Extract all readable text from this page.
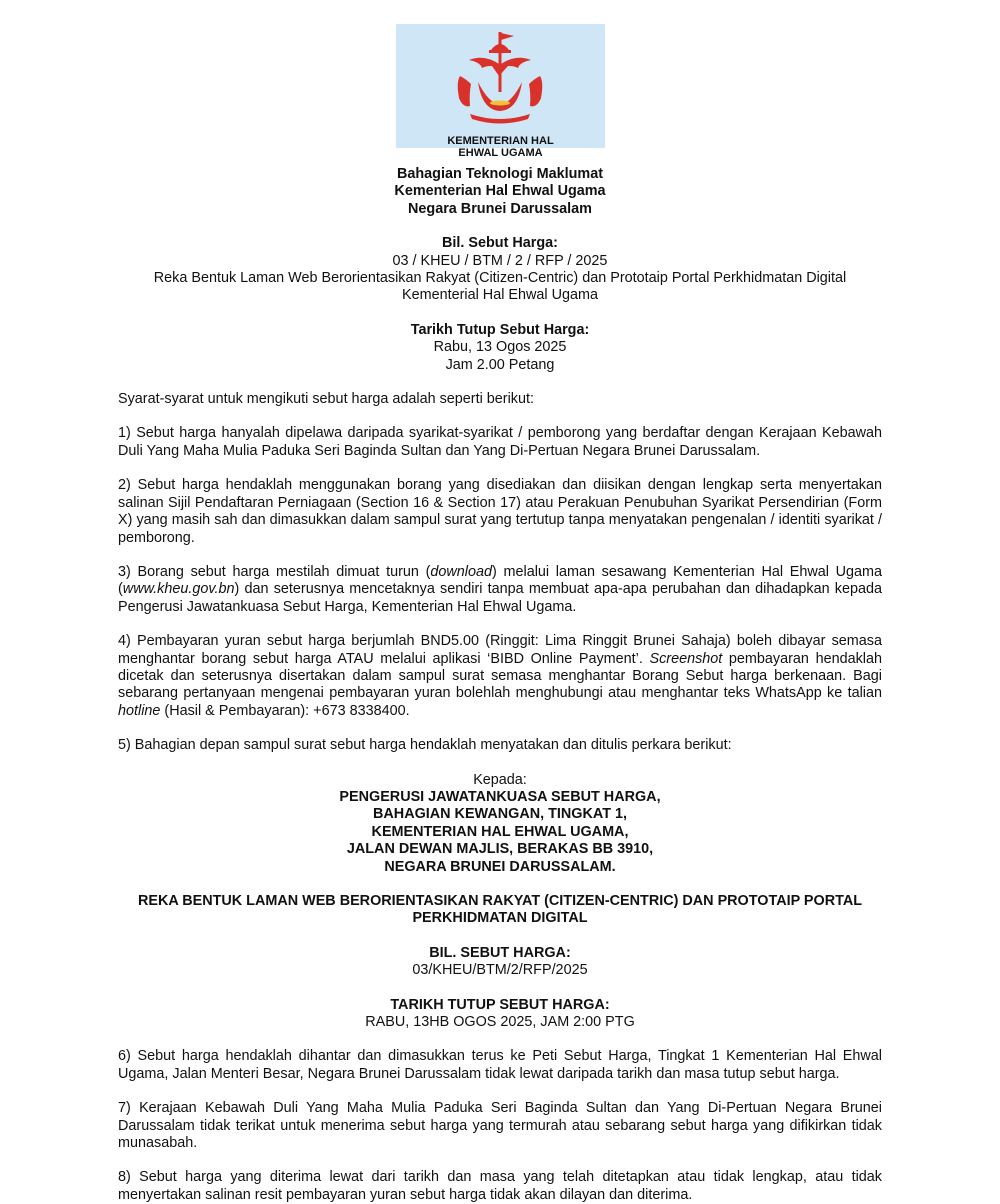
KEMENTERIAN HAL
EHWAL UGAMA
Bahagian Teknologi Maklumat
Kementerian Hal Ehwal Ugama
Negara Brunei Darussalam
Bil. Sebut Harga:
03 / KHEU / BTM / 2 / RFP / 2025
Reka Bentuk Laman Web Berorientasikan Rakyat (Citizen-Centric) dan Prototaip Portal Perkhidmatan Digital
Kementerial Hal Ehwal Ugama
Tarikh Tutup Sebut Harga:
Rabu, 13 Ogos 2025
Jam 2.00 Petang

Syarat-syarat untuk mengikuti sebut harga adalah seperti berikut:

1) Sebut harga hanyalah dipelawa daripada syarikat-syarikat / pemborong yang berdaftar dengan Kerajaan Kebawah Duli Yang Maha Mulia Paduka Seri Baginda Sultan dan Yang Di-Pertuan Negara Brunei Darussalam.

2) Sebut harga hendaklah menggunakan borang yang disediakan dan diisikan dengan lengkap serta menyertakan salinan Sijil Pendaftaran Perniagaan (Section 16 & Section 17) atau Perakuan Penubuhan Syarikat Persendirian (Form X) yang masih sah dan dimasukkan dalam sampul surat yang tertutup tanpa menyatakan pengenalan / identiti syarikat / pemborong.

3) Borang sebut harga mestilah dimuat turun (download) melalui laman sesawang Kementerian Hal Ehwal Ugama (www.kheu.gov.bn) dan seterusnya mencetaknya sendiri tanpa membuat apa-apa perubahan dan dihadapkan kepada Pengerusi Jawatankuasa Sebut Harga, Kementerian Hal Ehwal Ugama.

4) Pembayaran yuran sebut harga berjumlah BND5.00 (Ringgit: Lima Ringgit Brunei Sahaja) boleh dibayar semasa menghantar borang sebut harga ATAU melalui aplikasi ‘BIBD Online Payment’. Screenshot pembayaran hendaklah dicetak dan seterusnya disertakan dalam sampul surat semasa menghantar Borang Sebut harga berkenaan. Bagi sebarang pertanyaan mengenai pembayaran yuran bolehlah menghubungi atau menghantar teks WhatsApp ke talian hotline (Hasil & Pembayaran): +673 8338400.

5) Bahagian depan sampul surat sebut harga hendaklah menyatakan dan ditulis perkara berikut:

Kepada:
PENGERUSI JAWATANKUASA SEBUT HARGA,
BAHAGIAN KEWANGAN, TINGKAT 1,
KEMENTERIAN HAL EHWAL UGAMA,
JALAN DEWAN MAJLIS, BERAKAS BB 3910,
NEGARA BRUNEI DARUSSALAM.
REKA BENTUK LAMAN WEB BERORIENTASIKAN RAKYAT (CITIZEN-CENTRIC) DAN PROTOTAIP PORTAL
PERKHIDMATAN DIGITAL
BIL. SEBUT HARGA:
03/KHEU/BTM/2/RFP/2025
TARIKH TUTUP SEBUT HARGA:
RABU, 13HB OGOS 2025, JAM 2:00 PTG

6) Sebut harga hendaklah dihantar dan dimasukkan terus ke Peti Sebut Harga, Tingkat 1 Kementerian Hal Ehwal Ugama, Jalan Menteri Besar, Negara Brunei Darussalam tidak lewat daripada tarikh dan masa tutup sebut harga.

7) Kerajaan Kebawah Duli Yang Maha Mulia Paduka Seri Baginda Sultan dan Yang Di-Pertuan Negara Brunei Darussalam tidak terikat untuk menerima sebut harga yang termurah atau sebarang sebut harga yang difikirkan tidak munasabah.

8) Sebut harga yang diterima lewat dari tarikh dan masa yang telah ditetapkan atau tidak lengkap, atau tidak menyertakan salinan resit pembayaran yuran sebut harga tidak akan dilayan dan diterima.
